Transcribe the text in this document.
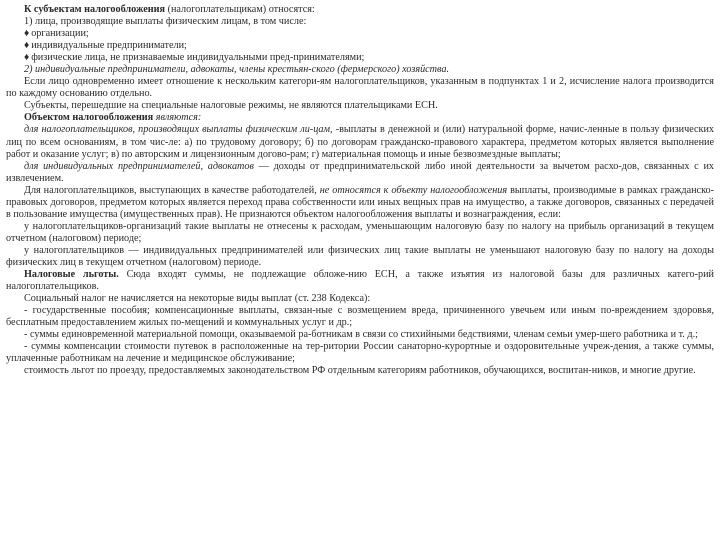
К субъектам налогообложения (налогоплательщикам) относятся:

1) лица, производящие выплаты физическим лицам, в том числе:

♦ организации;

♦ индивидуальные предприниматели;

♦ физические лица, не признаваемые индивидуальными пред-принимателями;

2) индивидуальные предприниматели, адвокаты, члены крестьян-ского (фермерского) хозяйства.

Если лицо одновременно имеет отношение к нескольким категори-ям налогоплательщиков, указанным в подпунктах 1 и 2, исчисление налога производится по каждому основанию отдельно.

Субъекты, перешедшие на специальные налоговые режимы, не являются плательщиками ЕСН.

Объектом налогообложения являются:

для налогоплательщиков, производящих выплаты физическим ли-цам, -выплаты в денежной и (или) натуральной форме, начис-ленные в пользу физических лиц по всем основаниям, в том чис-ле: а) по трудовому договору; б) по договорам гражданско-правового характера, предметом которых является выполнение работ и оказание услуг; в) по авторским и лицензионным догово-рам; г) материальная помощь и иные безвозмездные выплаты;

для индивидуальных предпринимателей, адвокатов — доходы от предпринимательской либо иной деятельности за вычетом расхо-дов, связанных с их извлечением.

Для налогоплательщиков, выступающих в качестве работодателей, не относятся к объекту налогообложения выплаты, производимые в рамках гражданско-правовых договоров, предметом которых является переход права собственности или иных вещных прав на имущество, а также договоров, связанных с передачей в пользование имущества (имущественных прав). Не признаются объектом налогообложения выплаты и вознаграждения, если:

у налогоплательщиков-организаций такие выплаты не отнесены к расходам, уменьшающим налоговую базу по налогу на прибыль организаций в текущем отчетном (налоговом) периоде;

у налогоплательщиков — индивидуальных предпринимателей или физических лиц такие выплаты не уменьшают налоговую базу по налогу на доходы физических лиц в текущем отчетном (налоговом) периоде.

Налоговые льготы. Сюда входят суммы, не подлежащие обложе-нию ЕСН, а также изъятия из налоговой базы для различных катего-рий налогоплательщиков.

Социальный налог не начисляется на некоторые виды выплат (ст. 238 Кодекса):

- государственные пособия; компенсационные выплаты, связан-ные с возмещением вреда, причиненного увечьем или иным по-вреждением здоровья, бесплатным предоставлением жилых по-мещений и коммунальных услуг и др.;

- суммы единовременной материальной помощи, оказываемой ра-ботникам в связи со стихийными бедствиями, членам семьи умер-шего работника и т. д.;

- суммы компенсации стоимости путевок в расположенные на тер-ритории России санаторно-курортные и оздоровительные учреж-дения, а также суммы, уплаченные работникам на лечение и медицинское обслуживание;

стоимость льгот по проезду, предоставляемых законодательством РФ отдельным категориям работников, обучающихся, воспитан-ников, и многие другие.
